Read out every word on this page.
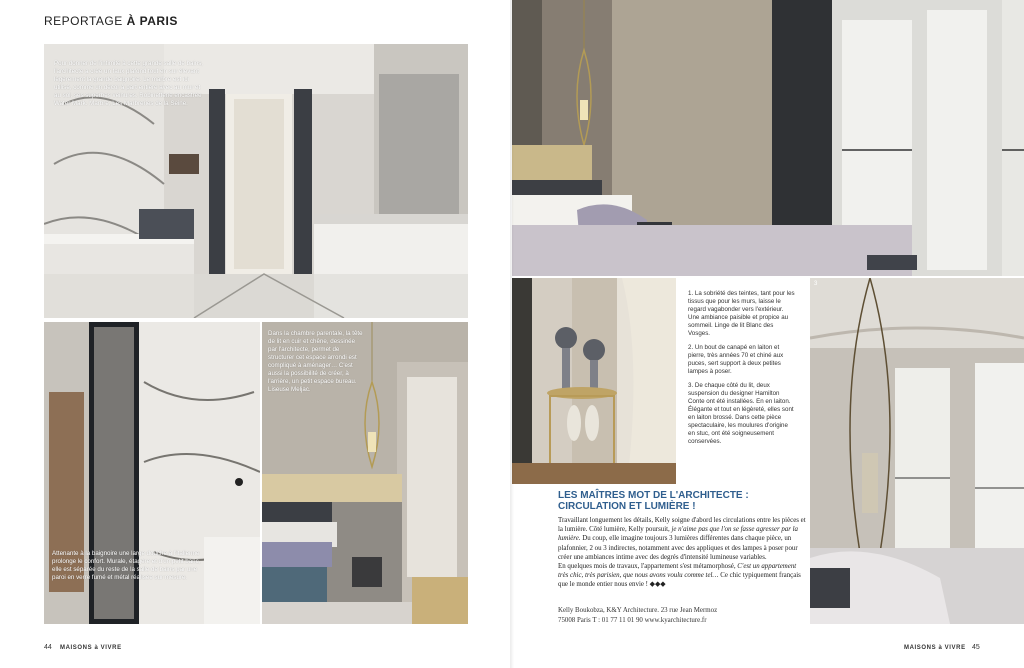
REPORTAGE À PARIS
Pour donner de l'intimité à cette grande salle de bains, l'architecte a créé un faux plafond tout en sur élevant légèrement la grande baignoire. Le marbre est ici utilisé, comme un décor à part entière avec au mur et au sol, ses superbes veinures. Robinetterie encastrée Water Mark. Marbre, Les Marbreries de la Seine.
Attenante à la baignoire une large douche à l'italienne prolonge le confort. Murale, étagère et d'un petit banc, elle est séparée du reste de la salle de bains par une paroi en verre fumé et métal réalisée sur mesure.
Dans la chambre parentale, la tête de lit en cuir et chêne, dessinée par l'architecte, permet de structurer cet espace arrondi est compliqué à aménager… C'est aussi la possibilité de créer, à l'arrière, un petit espace bureau. Liseuse Meljac.
44 MAISONS à VIVRE

1. La sobriété des teintes, tant pour les tissus que pour les murs, laisse le regard vagabonder vers l'extérieur. Une ambiance paisible et propice au sommeil. Linge de lit Blanc des Vosges.

2. Un bout de canapé en laiton et pierre, très années 70 et chiné aux puces, sert support à deux petites lampes à poser.

3. De chaque côté du lit, deux suspension du designer Hamilton Conte ont été installées. En en laiton. Élégante et tout en légèreté, elles sont en laiton brossé. Dans cette pièce spectaculaire, les moulures d'origine en stuc, ont été soigneusement conservées.

2	3
45
MAISONS à VIVRE
LES MAÎTRES MOT DE L'ARCHITECTE :
CIRCULATION ET LUMIÈRE !
Travaillant longuement les détails, Kelly soigne d'abord les circulations entre les pièces et la lumière. Côté lumière, Kelly poursuit, je n'aime pas que l'on se fasse agresser par la lumière. Du coup, elle imagine toujours 3 lumières différentes dans chaque pièce, un plafonnier, 2 ou 3 indirectes, notamment avec des appliques et des lampes à poser pour créer une ambiances intime avec des degrés d'intensité lumineuse variables.
En quelques mois de travaux, l'appartement s'est métamorphosé, C'est un appartement très chic, très parisien, que nous avons voulu comme tel… Ce chic typiquement français que le monde entier nous envie ! ◆◆◆
Kelly Boukobza, K&Y Architecture. 23 rue Jean Mermoz
75008 Paris T : 01 77 11 01 90 www.kyarchitecture.fr
